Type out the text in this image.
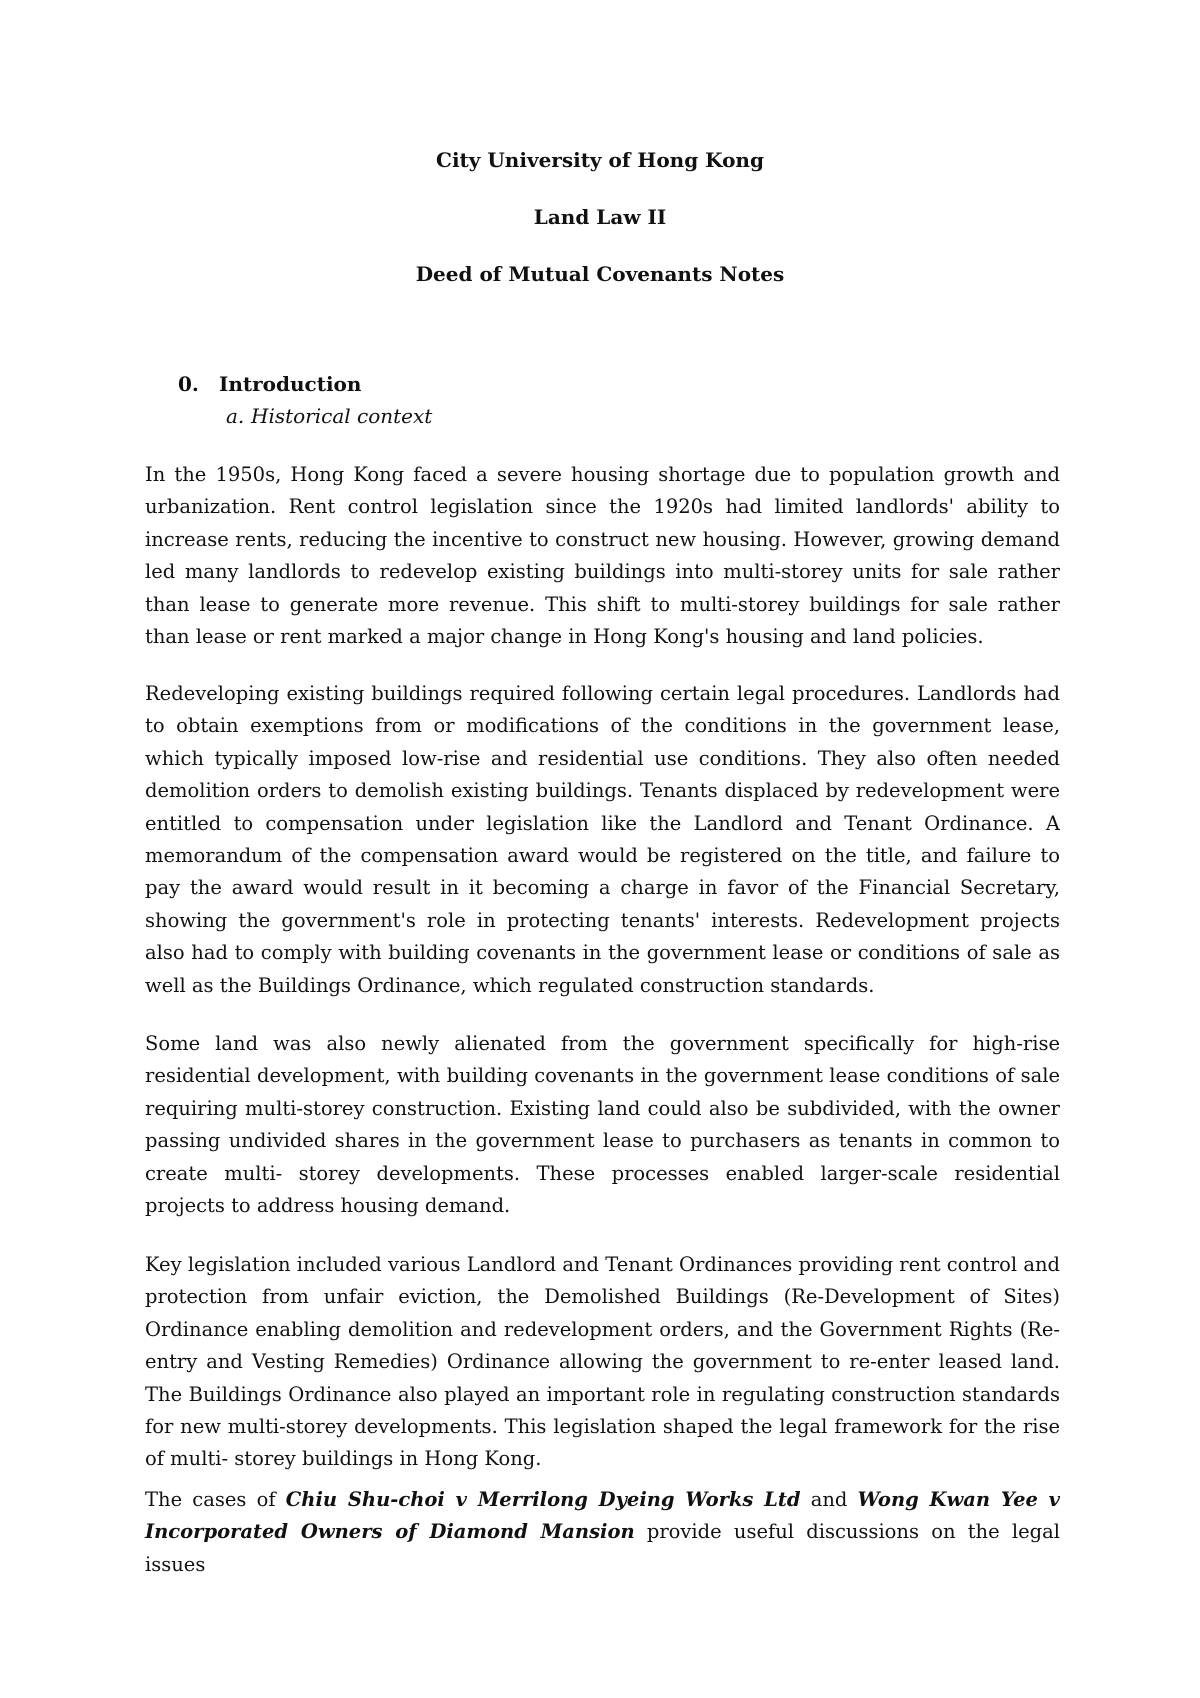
City University of Hong Kong
Land Law II
Deed of Mutual Covenants Notes
0. Introduction
a. Historical context

In the 1950s, Hong Kong faced a severe housing shortage due to population growth and urbanization. Rent control legislation since the 1920s had limited landlords' ability to increase rents, reducing the incentive to construct new housing. However, growing demand led many landlords to redevelop existing buildings into multi-storey units for sale rather than lease to generate more revenue. This shift to multi-storey buildings for sale rather than lease or rent marked a major change in Hong Kong's housing and land policies.

Redeveloping existing buildings required following certain legal procedures. Landlords had to obtain exemptions from or modifications of the conditions in the government lease, which typically imposed low-rise and residential use conditions. They also often needed demolition orders to demolish existing buildings. Tenants displaced by redevelopment were entitled to compensation under legislation like the Landlord and Tenant Ordinance. A memorandum of the compensation award would be registered on the title, and failure to pay the award would result in it becoming a charge in favor of the Financial Secretary, showing the government's role in protecting tenants' interests. Redevelopment projects also had to comply with building covenants in the government lease or conditions of sale as well as the Buildings Ordinance, which regulated construction standards.

Some land was also newly alienated from the government specifically for high-rise residential development, with building covenants in the government lease conditions of sale requiring multi-storey construction. Existing land could also be subdivided, with the owner passing undivided shares in the government lease to purchasers as tenants in common to create multi- storey developments. These processes enabled larger-scale residential projects to address housing demand.

Key legislation included various Landlord and Tenant Ordinances providing rent control and protection from unfair eviction, the Demolished Buildings (Re-Development of Sites) Ordinance enabling demolition and redevelopment orders, and the Government Rights (Re-entry and Vesting Remedies) Ordinance allowing the government to re-enter leased land. The Buildings Ordinance also played an important role in regulating construction standards for new multi-storey developments. This legislation shaped the legal framework for the rise of multi- storey buildings in Hong Kong.

The cases of Chiu Shu-choi v Merrilong Dyeing Works Ltd and Wong Kwan Yee v Incorporated Owners of Diamond Mansion provide useful discussions on the legal issues
